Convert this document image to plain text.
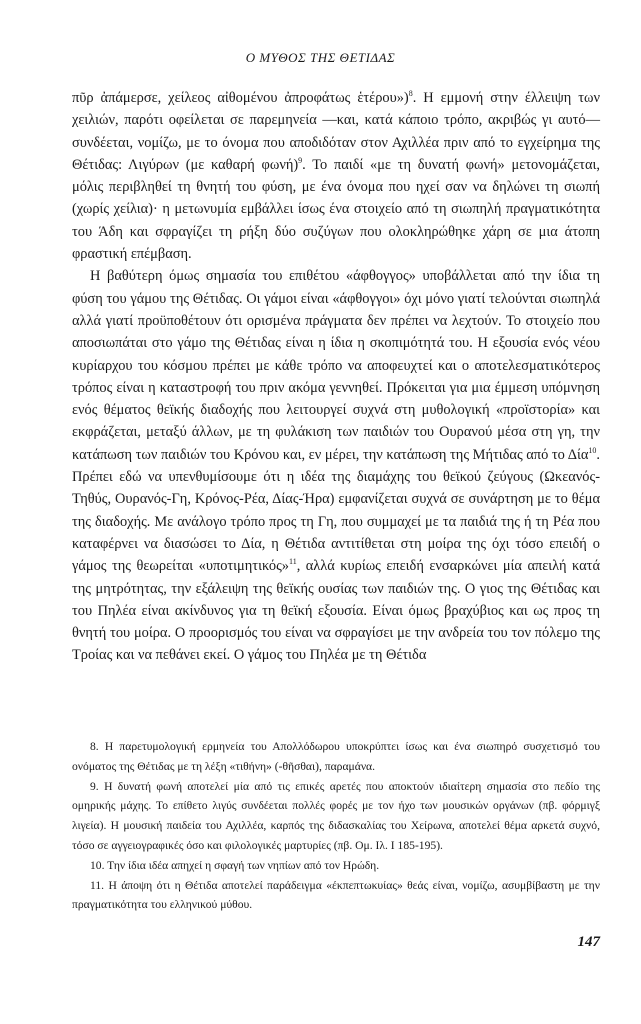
Ο ΜΥΘΟΣ ΤΗΣ ΘΕΤΙΔΑΣ

πῦρ ἀπάμερσε, χείλεος αἰθομένου ἀπροφάτως ἑτέρου»)$^8$. Η εμμονή στην έλλειψη των χειλιών, παρότι οφείλεται σε παρεμηνεία —και, κατά κάποιο τρόπο, ακριβώς γι αυτό— συνδέεται, νομίζω, με το όνομα που αποδιδόταν στον Αχιλλέα πριν από το εγχείρημα της Θέτιδας: Λιγύρων (με καθαρή φωνή)$^9$. Το παιδί «με τη δυνατή φωνή» μετονομάζεται, μόλις περιβληθεί τη θνητή του φύση, με ένα όνομα που ηχεί σαν να δηλώνει τη σιωπή (χωρίς χείλια)· η μετωνυμία εμβάλλει ίσως ένα στοιχείο από τη σιωπηλή πραγματικότητα του Άδη και σφραγίζει τη ρήξη δύο συζύγων που ολοκληρώθηκε χάρη σε μια άτοπη φραστική επέμβαση.

Η βαθύτερη όμως σημασία του επιθέτου «άφθογγος» υποβάλλεται από την ίδια τη φύση του γάμου της Θέτιδας. Οι γάμοι είναι «άφθογγοι» όχι μόνο γιατί τελούνται σιωπηλά αλλά γιατί προϋποθέτουν ότι ορισμένα πράγματα δεν πρέπει να λεχτούν. Το στοιχείο που αποσιωπάται στο γάμο της Θέτιδας είναι η ίδια η σκοπιμότητά του. Η εξουσία ενός νέου κυρίαρχου του κόσμου πρέπει με κάθε τρόπο να αποφευχτεί και ο αποτελεσματικότερος τρόπος είναι η καταστροφή του πριν ακόμα γεννηθεί. Πρόκειται για μια έμμεση υπόμνηση ενός θέματος θεϊκής διαδοχής που λειτουργεί συχνά στη μυθολογική «προϊστορία» και εκφράζεται, μεταξύ άλλων, με τη φυλάκιση των παιδιών του Ουρανού μέσα στη γη, την κατάπωση των παιδιών του Κρόνου και, εν μέρει, την κατάπωση της Μήτιδας από το Δία$^{10}$. Πρέπει εδώ να υπενθυμίσουμε ότι η ιδέα της διαμάχης του θεϊκού ζεύγους (Ωκεανός-Τηθύς, Ουρανός-Γη, Κρόνος-Ρέα, Δίας-Ήρα) εμφανίζεται συχνά σε συνάρτηση με το θέμα της διαδοχής. Με ανάλογο τρόπο προς τη Γη, που συμμαχεί με τα παιδιά της ή τη Ρέα που καταφέρνει να διασώσει το Δία, η Θέτιδα αντιτίθεται στη μοίρα της όχι τόσο επειδή ο γάμος της θεωρείται «υποτιμητικός»$^{11}$, αλλά κυρίως επειδή ενσαρκώνει μία απειλή κατά της μητρότητας, την εξάλειψη της θεϊκής ουσίας των παιδιών της. Ο γιος της Θέτιδας και του Πηλέα είναι ακίνδυνος για τη θεϊκή εξουσία. Είναι όμως βραχύβιος και ως προς τη θνητή του μοίρα. Ο προορισμός του είναι να σφραγίσει με την ανδρεία του τον πόλεμο της Τροίας και να πεθάνει εκεί. Ο γάμος του Πηλέα με τη Θέτιδα

8. Η παρετυμολογική ερμηνεία του Απολλόδωρου υποκρύπτει ίσως και ένα σιωπηρό συσχετισμό του ονόματος της Θέτιδας με τη λέξη «τιθήνη» (-θῆσθαι), παραμάνα.

9. Η δυνατή φωνή αποτελεί μία από τις επικές αρετές που αποκτούν ιδιαίτερη σημασία στο πεδίο της ομηρικής μάχης. Το επίθετο λιγύς συνδέεται πολλές φορές με τον ήχο των μουσικών οργάνων (πβ. φόρμιγξ λιγεία). Η μουσική παιδεία του Αχιλλέα, καρπός της διδασκαλίας του Χείρωνα, αποτελεί θέμα αρκετά συχνό, τόσο σε αγγειογραφικές όσο και φιλολογικές μαρτυρίες (πβ. Ομ. Ιλ. Ι 185-195).

10. Την ίδια ιδέα απηχεί η σφαγή των νηπίων από τον Ηρώδη.

11. Η άποψη ότι η Θέτιδα αποτελεί παράδειγμα «έκπεπτωκυίας» θεάς είναι, νομίζω, ασυμβίβαστη με την πραγματικότητα του ελληνικού μύθου.

147
